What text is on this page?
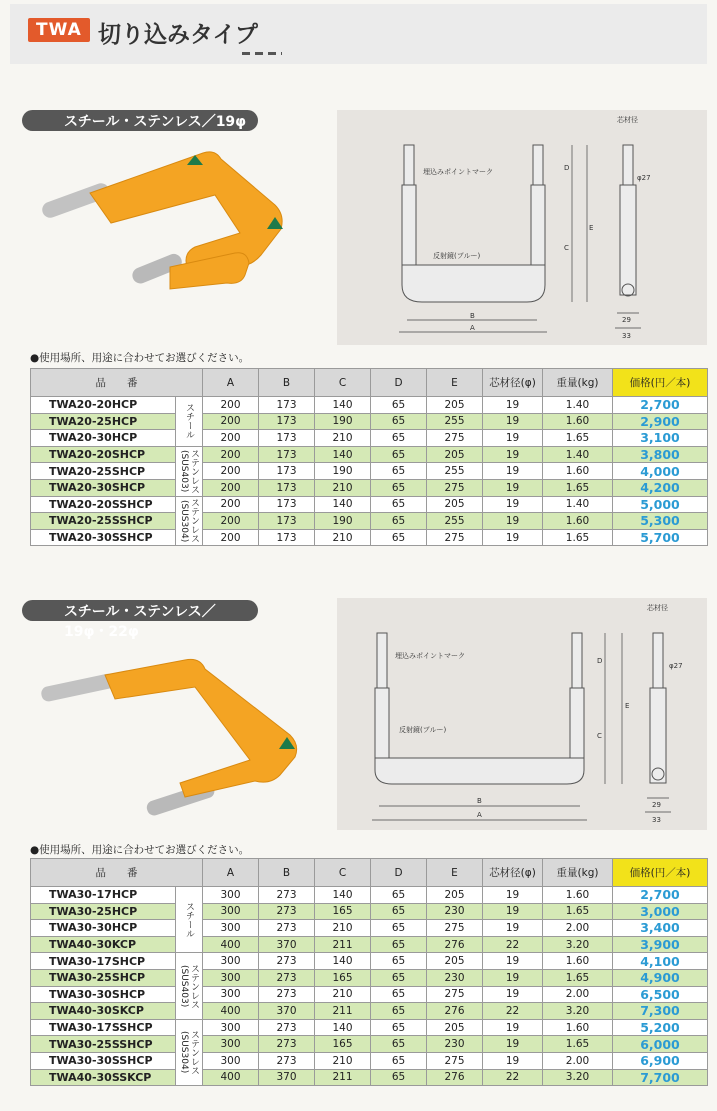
TWA 切り込みタイプ
スチール・ステンレス／19φ	芯材径
φ27
埋込みポイントマーク
反射鏡(ブルー)
B
A
D
C
E
29
33
●使用場所、用途に合わせてお選びください。
品　　番		A	B	C	D	E	芯材径(φ)	重量(kg)	価格(円／本)
TWA20-20HCP	スチール	200	173	140	65	205	19	1.40	2,700
TWA20-25HCP		200	173	190	65	255	19	1.60	2,900
TWA20-30HCP		200	173	210	65	275	19	1.65	3,100
TWA20-20SHCP	ステンレス(SUS403)	200	173	140	65	205	19	1.40	3,800
TWA20-25SHCP		200	173	190	65	255	19	1.60	4,000
TWA20-30SHCP		200	173	210	65	275	19	1.65	4,200
TWA20-20SSHCP	ステンレス(SUS304)	200	173	140	65	205	19	1.40	5,000
TWA20-25SSHCP		200	173	190	65	255	19	1.60	5,300
TWA20-30SSHCP		200	173	210	65	275	19	1.65	5,700
スチール・ステンレス／19φ・22φ
芯材径
φ27
埋込みポイントマーク
反射鏡(ブルー)
B
A
D
C
E
29
33
●使用場所、用途に合わせてお選びください。
品　　番		A	B	C	D	E	芯材径(φ)	重量(kg)	価格(円／本)
TWA30-17HCP	スチール	300	273	140	65	205	19	1.60	2,700
TWA30-25HCP		300	273	165	65	230	19	1.65	3,000
TWA30-30HCP		300	273	210	65	275	19	2.00	3,400
TWA40-30KCP		400	370	211	65	276	22	3.20	3,900
TWA30-17SHCP	ステンレス(SUS403)	300	273	140	65	205	19	1.60	4,100
TWA30-25SHCP		300	273	165	65	230	19	1.65	4,900
TWA30-30SHCP		300	273	210	65	275	19	2.00	6,500
TWA40-30SKCP		400	370	211	65	276	22	3.20	7,300
TWA30-17SSHCP	ステンレス(SUS304)	300	273	140	65	205	19	1.60	5,200
TWA30-25SSHCP		300	273	165	65	230	19	1.65	6,000
TWA30-30SSHCP		300	273	210	65	275	19	2.00	6,900
TWA40-30SSKCP		400	370	211	65	276	22	3.20	7,700
